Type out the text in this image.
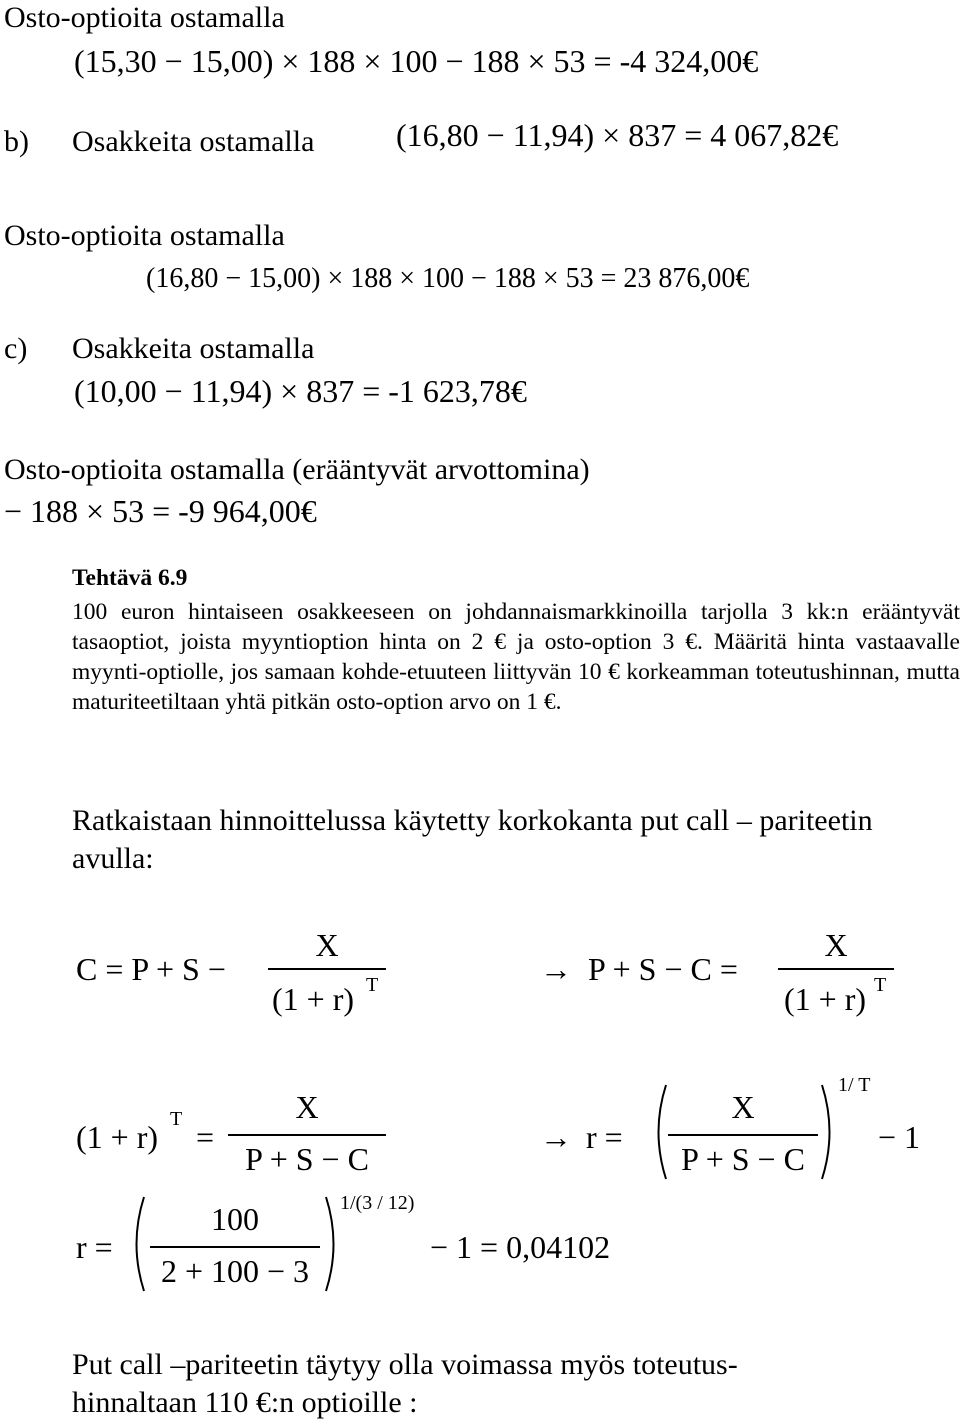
Osto-optioita ostamalla
(15,30 − 15,00) × 188 × 100 − 188 × 53 = -4 324,00€
b) Osakkeita ostamalla	(16,80 − 11,94) × 837 = 4 067,82€
Osto-optioita ostamalla
(16,80 − 15,00) × 188 × 100 − 188 × 53 = 23 876,00€
c) Osakkeita ostamalla
(10,00 − 11,94) × 837 = -1 623,78€
Osto-optioita ostamalla (erääntyvät arvottomina)
− 188 × 53 = -9 964,00€
Tehtävä 6.9
100 euron hintaiseen osakkeeseen on johdannaismarkkinoilla tarjolla 3 kk:n erääntyvät tasaoptiot, joista myyntioption hinta on 2 € ja osto-option 3 €. Määritä hinta vastaavalle myynti-optiolle, jos samaan kohde-etuuteen liittyvän 10 € korkeamman toteutushinnan, mutta maturiteetiltaan yhtä pitkän osto-option arvo on 1 €.
Ratkaistaan hinnoittelussa käytetty korkokanta put call – pariteetin avulla:
C = P + S −
X
(1 + r) T	→ P + S − C =
X
(1 + r) T
(1 + r) T =
X
P + S − C
→ r =
X
P + S − C
1/ T
− 1
r =
100
2 + 100 − 3
1/(3 / 12)
− 1 = 0,04102
Put call –pariteetin täytyy olla voimassa myös toteutus-hinnaltaan 110 €:n optioille :
